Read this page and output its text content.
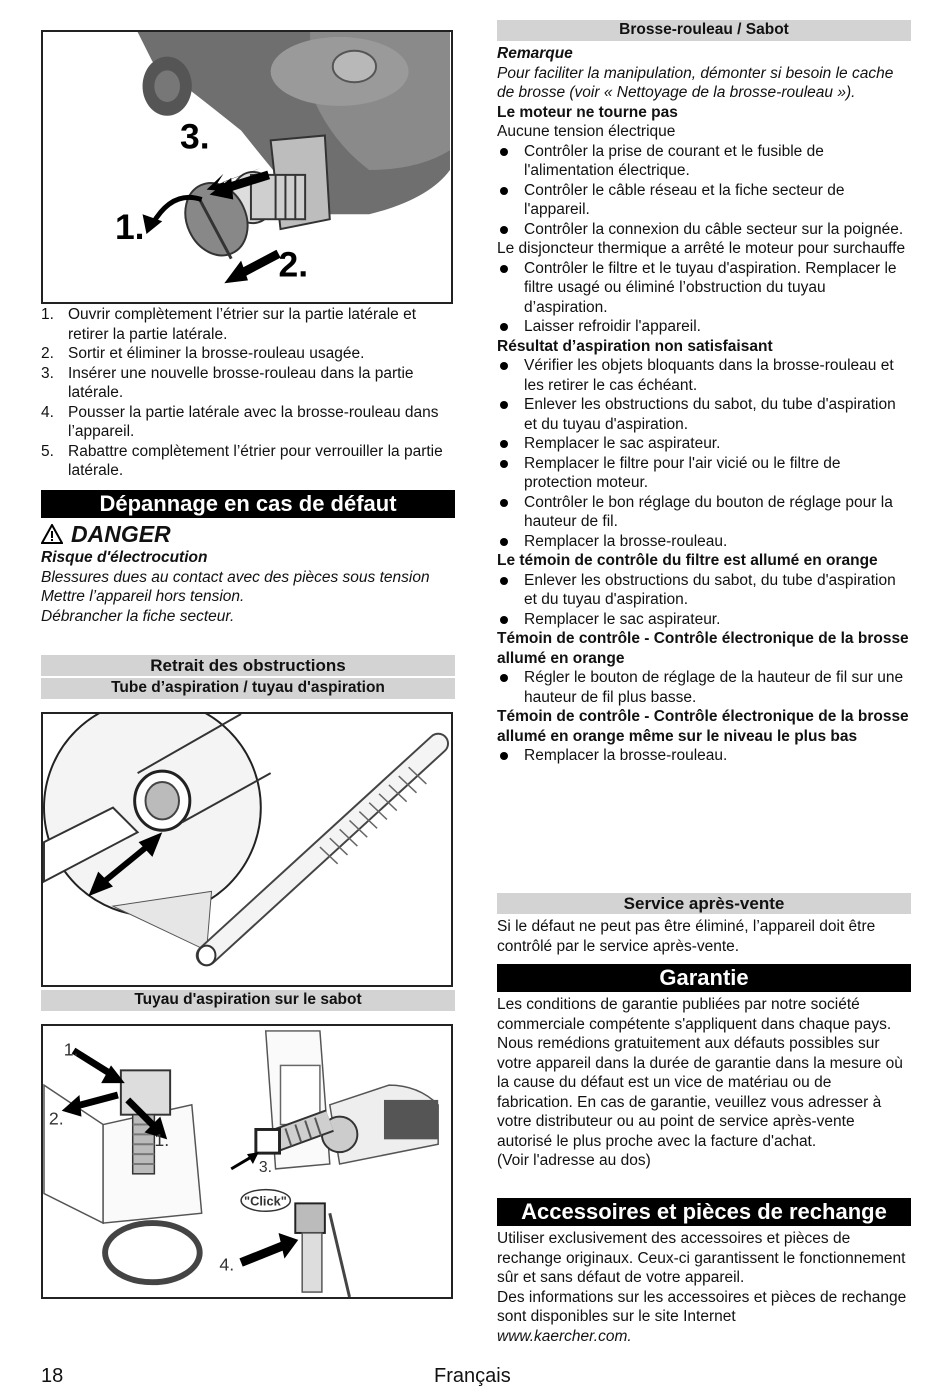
3.
1.
2.
1. Ouvrir complètement l’étrier sur la partie latérale et retirer la partie latérale.
2. Sortir et éliminer la brosse-rouleau usagée.
3. Insérer une nouvelle brosse-rouleau dans la partie latérale.
4. Pousser la partie latérale avec la brosse-rouleau dans l’appareil.
5. Rabattre complètement l’étrier pour verrouiller la partie latérale.
Dépannage en cas de défaut
DANGER
Risque d'électrocution
Blessures dues au contact avec des pièces sous tension
Mettre l’appareil hors tension.
Débrancher la fiche secteur.
Retrait des obstructions
Tube d’aspiration / tuyau d'aspiration
Tuyau d'aspiration sur le sabot
1.
2.
1.
3.
"Click"
4.
Brosse-rouleau / Sabot

Remarque

Pour faciliter la manipulation, démonter si besoin le cache de brosse (voir « Nettoyage de la brosse-rouleau »).

Le moteur ne tourne pas

Aucune tension électrique

Contrôler la prise de courant et le fusible de l'alimentation électrique.

Contrôler le câble réseau et la fiche secteur de l'appareil.

Contrôler la connexion du câble secteur sur la poignée.

Le disjoncteur thermique a arrêté le moteur pour surchauffe

Contrôler le filtre et le tuyau d'aspiration. Remplacer le filtre usagé ou éliminé l’obstruction du tuyau d’aspiration.

Laisser refroidir l'appareil.

Résultat d’aspiration non satisfaisant

Vérifier les objets bloquants dans la brosse-rouleau et les retirer le cas échéant.

Enlever les obstructions du sabot, du tube d'aspiration et du tuyau d'aspiration.

Remplacer le sac aspirateur.

Remplacer le filtre pour l'air vicié ou le filtre de protection moteur.

Contrôler le bon réglage du bouton de réglage pour la hauteur de fil.

Remplacer la brosse-rouleau.

Le témoin de contrôle du filtre est allumé en orange

Enlever les obstructions du sabot, du tube d'aspiration et du tuyau d'aspiration.

Remplacer le sac aspirateur.

Témoin de contrôle - Contrôle électronique de la brosse allumé en orange

Régler le bouton de réglage de la hauteur de fil sur une hauteur de fil plus basse.

Témoin de contrôle - Contrôle électronique de la brosse allumé en orange même sur le niveau le plus bas

Remplacer la brosse-rouleau.

Service après-vente

Si le défaut ne peut pas être éliminé, l’appareil doit être contrôlé par le service après-vente.

Garantie

Les conditions de garantie publiées par notre société commerciale compétente s'appliquent dans chaque pays. Nous remédions gratuitement aux défauts possibles sur votre appareil dans la durée de garantie dans la mesure où la cause du défaut est un vice de matériau ou de fabrication. En cas de garantie, veuillez vous adresser à votre distributeur ou au point de service après-vente autorisé le plus proche avec la facture d'achat.

(Voir l'adresse au dos)

Accessoires et pièces de rechange

Utiliser exclusivement des accessoires et pièces de rechange originaux. Ceux-ci garantissent le fonctionnement sûr et sans défaut de votre appareil.

Des informations sur les accessoires et pièces de rechange sont disponibles sur le site Internet

www.kaercher.com.

18	Français
